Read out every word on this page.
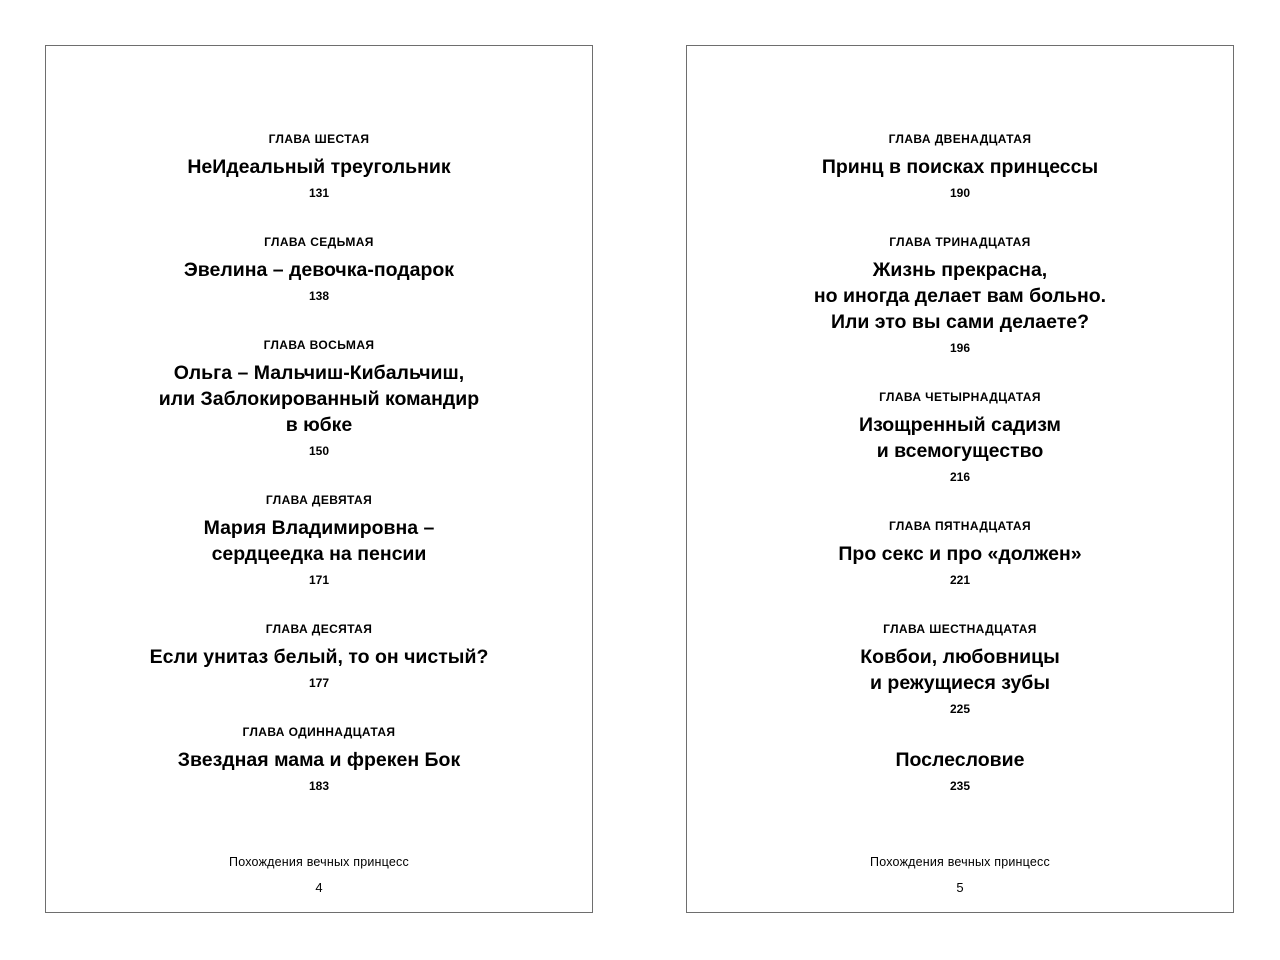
ГЛАВА ШЕСТАЯ
НеИдеальный треугольник
131
ГЛАВА СЕДЬМАЯ
Эвелина – девочка-подарок
138
ГЛАВА ВОСЬМАЯ
Ольга – Мальчиш-Кибальчиш,
или Заблокированный командир
в юбке
150
ГЛАВА ДЕВЯТАЯ
Мария Владимировна –
сердцеедка на пенсии
171
ГЛАВА ДЕСЯТАЯ
Если унитаз белый, то он чистый?
177
ГЛАВА ОДИННАДЦАТАЯ
Звездная мама и фрекен Бок
183
Похождения вечных принцесс
4
ГЛАВА ДВЕНАДЦАТАЯ
Принц в поисках принцессы
190
ГЛАВА ТРИНАДЦАТАЯ
Жизнь прекрасна,
но иногда делает вам больно.
Или это вы сами делаете?
196
ГЛАВА ЧЕТЫРНАДЦАТАЯ
Изощренный садизм
и всемогущество
216
ГЛАВА ПЯТНАДЦАТАЯ
Про секс и про «должен»
221
ГЛАВА ШЕСТНАДЦАТАЯ
Ковбои, любовницы
и режущиеся зубы
225
Послесловие
235
Похождения вечных принцесс
5
